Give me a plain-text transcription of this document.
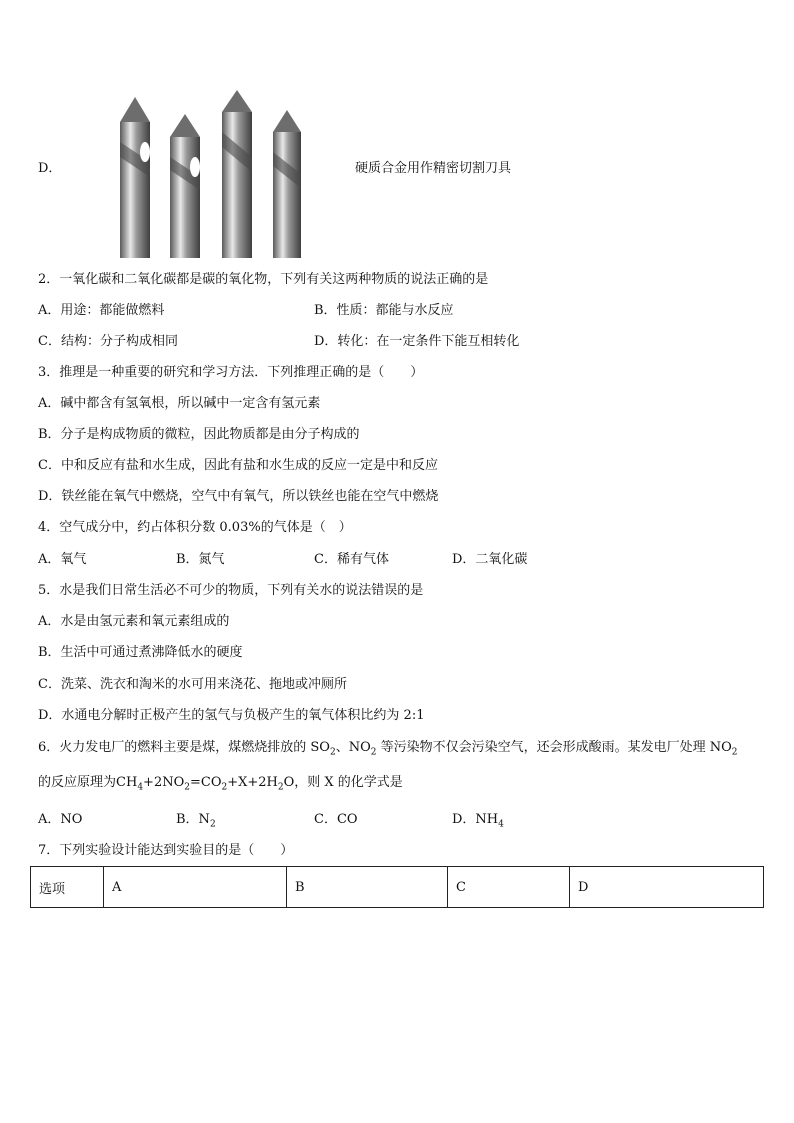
D．	硬质合金用作精密切割刀具
2．一氧化碳和二氧化碳都是碳的氧化物，下列有关这两种物质的说法正确的是
A．用途：都能做燃料	B．性质：都能与水反应
C．结构：分子构成相同	D．转化：在一定条件下能互相转化
3．推理是一种重要的研究和学习方法．下列推理正确的是（　　）
A．碱中都含有氢氧根，所以碱中一定含有氢元素
B．分子是构成物质的微粒，因此物质都是由分子构成的
C．中和反应有盐和水生成，因此有盐和水生成的反应一定是中和反应
D．铁丝能在氧气中燃烧，空气中有氧气，所以铁丝也能在空气中燃烧
4．空气成分中，约占体积分数 0.03%的气体是（　）
A．氧气	B．氮气	C．稀有气体	D．二氧化碳
5．水是我们日常生活必不可少的物质，下列有关水的说法错误的是
A．水是由氢元素和氧元素组成的
B．生活中可通过煮沸降低水的硬度
C．洗菜、洗衣和淘米的水可用来浇花、拖地或冲厕所
D．水通电分解时正极产生的氢气与负极产生的氧气体积比约为 2:1
6．火力发电厂的燃料主要是煤，煤燃烧排放的 $SO_2$、$NO_2$ 等污染物不仅会污染空气，还会形成酸雨。某发电厂处理 $NO_2$
的反应原理为$CH_4+2NO_2=CO_2+X+2H_2O$，则 X 的化学式是
A．NO	B．$N_2$	C．CO	D．$NH_4$
7．下列实验设计能达到实验目的是（　　）
选项	A	B	C	D
